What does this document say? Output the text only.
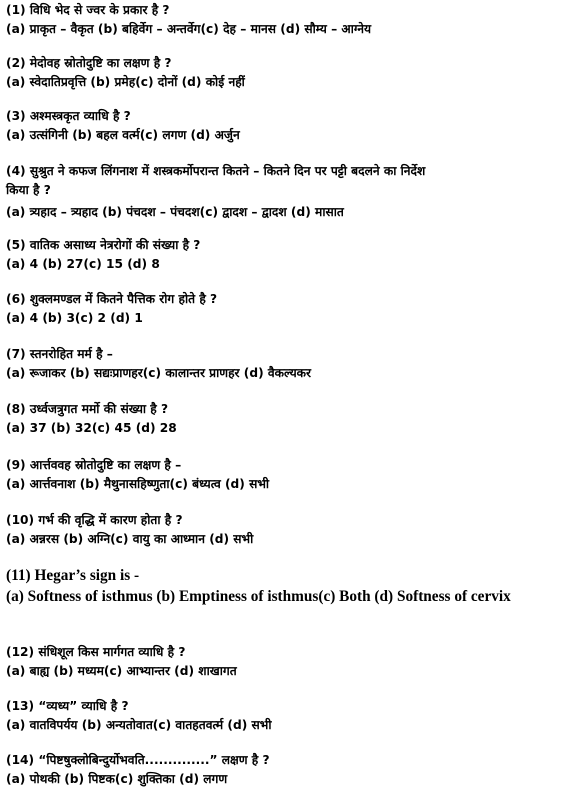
(1) विधि भेद से ज्वर के प्रकार है ?

(a) प्राकृत – वैकृत (b) बहिर्वेग – अन्तर्वेग(c) देह – मानस (d) सौम्य – आग्नेय

(2) मेदोवह स्रोतोदुष्टि का लक्षण है ?

(a) स्वेदातिप्रवृत्ति (b) प्रमेह(c) दोनों (d) कोई नहीं

(3) अश्मस्त्रकृत व्याधि है ?

(a) उत्संगिनी (b) बहल वर्त्म(c) लगण (d) अर्जुन

(4) सुश्रुत ने कफज लिंगनाश में शस्त्रकर्मोपरान्त कितने – कितने दिन पर पट्टी बदलने का निर्देश

किया है ?

(a) त्र्यहाद – त्र्यहाद (b) पंचदश – पंचदश(c) द्वादश – द्वादश (d) मासात

(5) वातिक असाध्य नेत्ररोगों की संख्या है ?

(a) 4 (b) 27(c) 15 (d) 8

(6) शुक्लमण्डल में कितने पैत्तिक रोग होते है ?

(a) 4 (b) 3(c) 2 (d) 1

(7) स्तनरोहित मर्म है –

(a) रूजाकर (b) सद्यःप्राणहर(c) कालान्तर प्राणहर (d) वैकल्यकर

(8) उर्ध्वजत्रुगत मर्मो की संख्या है ?

(a) 37 (b) 32(c) 45 (d) 28

(9) आर्त्तववह स्रोतोदुष्टि का लक्षण है –

(a) आर्त्तवनाश (b) मैथुनासहिष्णुता(c) बंध्यत्व (d) सभी

(10) गर्भ की वृद्धि में कारण होता है ?

(a) अन्नरस (b) अग्नि(c) वायु का आध्मान (d) सभी

(11) Hegar’s sign is -

(a) Softness of isthmus (b) Emptiness of isthmus(c) Both (d) Softness of cervix

(12) संधिशूल किस मार्गगत व्याधि है ?

(a) बाह्य (b) मध्यम(c) आभ्यान्तर (d) शाखागत

(13) “व्यध्य” व्याधि है ?

(a) वातविपर्यय (b) अन्यतोवात(c) वातहतवर्त्म (d) सभी

(14) “पिष्टषुक्लोबिन्दुर्योभवति..............” लक्षण है ?

(a) पोथकी (b) पिष्टक(c) शुक्तिका (d) लगण
